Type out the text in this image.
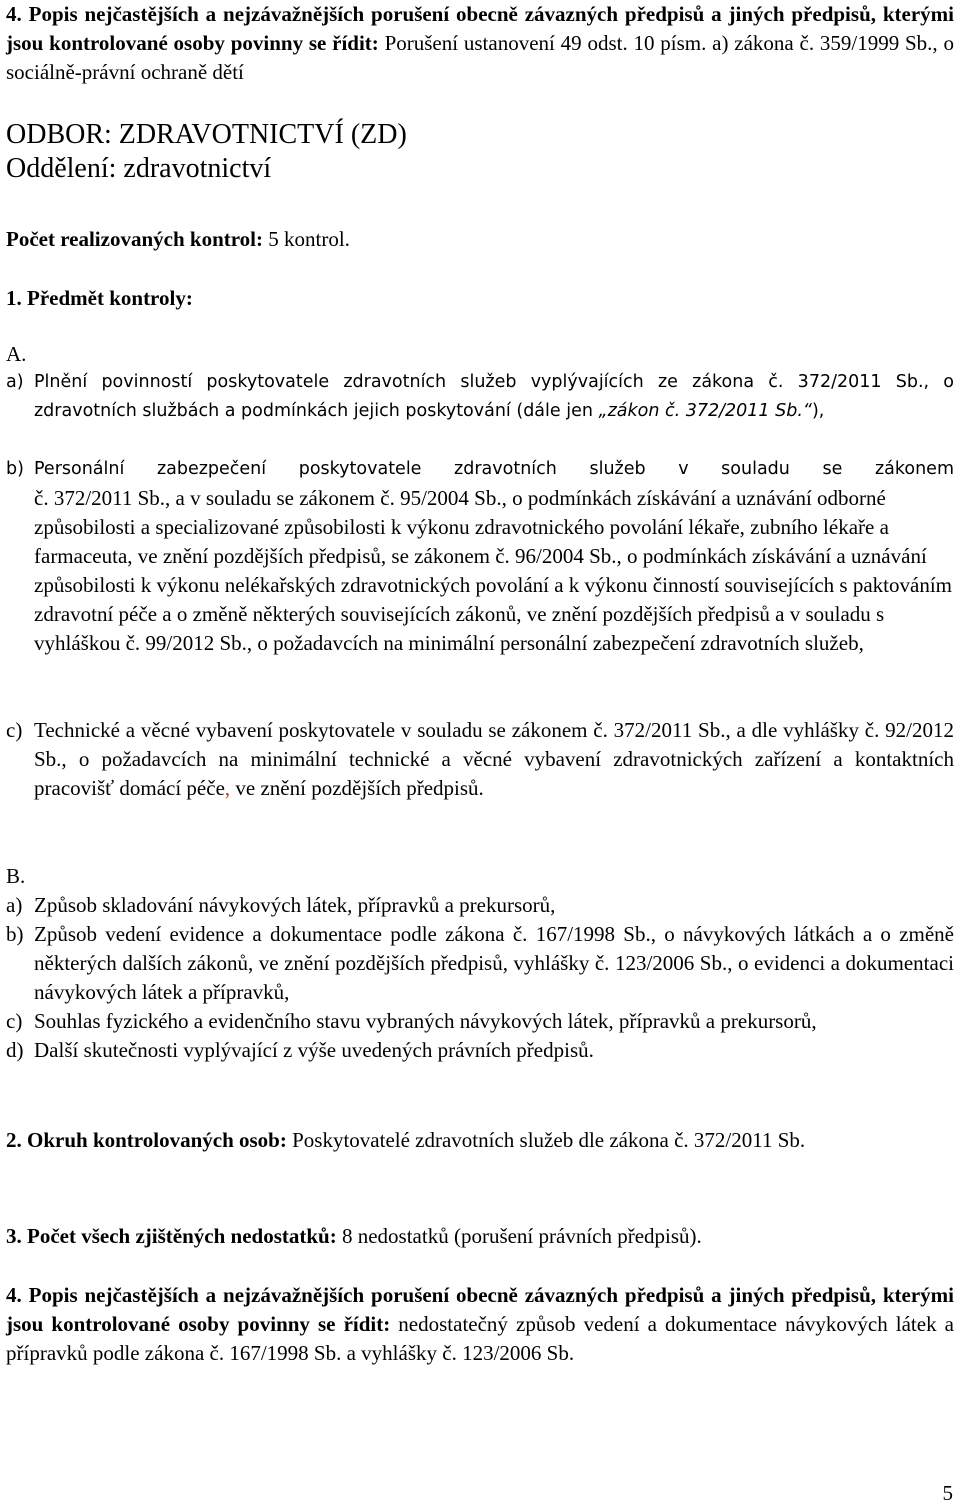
4. Popis nejčastějších a nejzávažnějších porušení obecně závazných předpisů a jiných předpisů, kterými jsou kontrolované osoby povinny se řídit: Porušení ustanovení 49 odst. 10 písm. a) zákona č. 359/1999 Sb., o sociálně-právní ochraně dětí
ODBOR: ZDRAVOTNICTVÍ (ZD)
Oddělení: zdravotnictví
Počet realizovaných kontrol: 5 kontrol.
1. Předmět kontroly:
A.
a) Plnění povinností poskytovatele zdravotních služeb vyplývajících ze zákona č. 372/2011 Sb., o zdravotních službách a podmínkách jejich poskytování (dále jen „zákon č. 372/2011 Sb.“),
b) Personální zabezpečení poskytovatele zdravotních služeb v souladu se zákonem
č. 372/2011 Sb., a v souladu se zákonem č. 95/2004 Sb., o podmínkách získávání a uznávání odborné způsobilosti a specializované způsobilosti k výkonu zdravotnického povolání lékaře, zubního lékaře a farmaceuta, ve znění pozdějších předpisů, se zákonem č. 96/2004 Sb., o podmínkách získávání a uznávání způsobilosti k výkonu nelékařských zdravotnických povolání a k výkonu činností souvisejících s paktováním zdravotní péče a o změně některých souvisejících zákonů, ve znění pozdějších předpisů a v souladu s vyhláškou č. 99/2012 Sb., o požadavcích na minimální personální zabezpečení zdravotních služeb,
c) Technické a věcné vybavení poskytovatele v souladu se zákonem č. 372/2011 Sb., a dle vyhlášky č. 92/2012 Sb., o požadavcích na minimální technické a věcné vybavení zdravotnických zařízení a kontaktních pracovišť domácí péče, ve znění pozdějších předpisů.
B.
a) Způsob skladování návykových látek, přípravků a prekursorů,
b) Způsob vedení evidence a dokumentace podle zákona č. 167/1998 Sb., o návykových látkách a o změně některých dalších zákonů, ve znění pozdějších předpisů, vyhlášky č. 123/2006 Sb., o evidenci a dokumentaci návykových látek a přípravků,
c) Souhlas fyzického a evidenčního stavu vybraných návykových látek, přípravků a prekursorů,
d) Další skutečnosti vyplývající z výše uvedených právních předpisů.
2. Okruh kontrolovaných osob: Poskytovatelé zdravotních služeb dle zákona č. 372/2011 Sb.
3. Počet všech zjištěných nedostatků: 8 nedostatků (porušení právních předpisů).
4. Popis nejčastějších a nejzávažnějších porušení obecně závazných předpisů a jiných předpisů, kterými jsou kontrolované osoby povinny se řídit: nedostatečný způsob vedení a dokumentace návykových látek a přípravků podle zákona č. 167/1998 Sb. a vyhlášky č. 123/2006 Sb.
5
